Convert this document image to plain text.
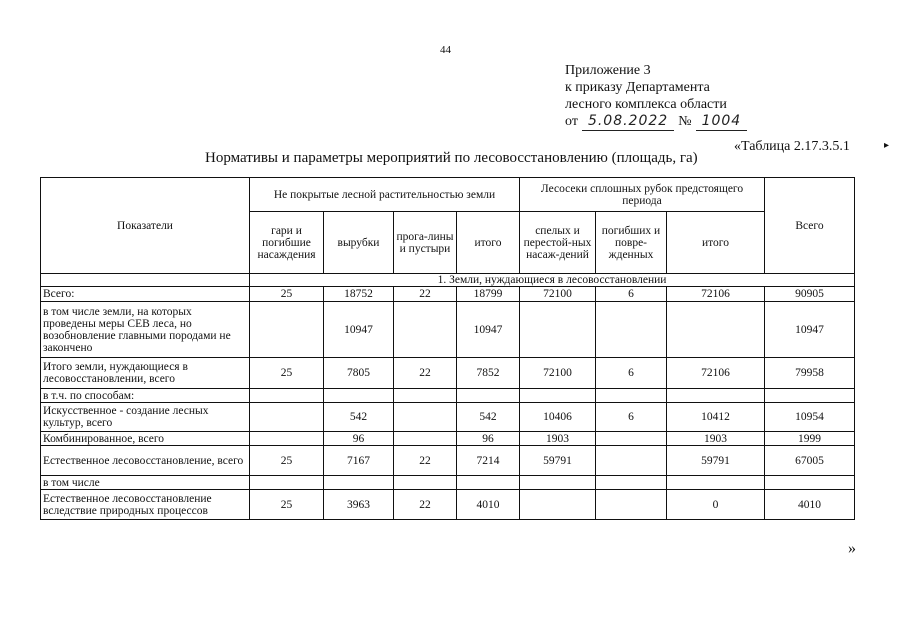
44
Приложение 3
к приказу Департамента
лесного комплекса области
от 5.08.2022 № 1004
«Таблица 2.17.3.5.1	▸
Нормативы и параметры мероприятий по лесовосстановлению (площадь, га)
Показатели	Не покрытые лесной растительностью земли				Лесосеки сплошных рубок предстоящего периода			Всего
	гари и погибшие насаждения	вырубки	прога-лины и пустыри	итого	спелых и перестой-ных насаж-дений	погибших и повре-жденных	итого	
	1. Земли, нуждающиеся в лесовосстановлении							
Всего:	25	18752	22	18799	72100	6	72106	90905
в том числе земли, на которых проведены меры СЕВ леса, но возобновление главными породами не закончено		10947		10947				10947
Итого земли, нуждающиеся в лесовосстановлении, всего	25	7805	22	7852	72100	6	72106	79958
в т.ч. по способам:								
Искусственное - создание лесных культур, всего		542		542	10406	6	10412	10954
Комбинированное, всего		96		96	1903		1903	1999
Естественное лесовосстановление, всего	25	7167	22	7214	59791		59791	67005
в том числе								
Естественное лесовосстановление вследствие природных процессов	25	3963	22	4010			0	4010
»
